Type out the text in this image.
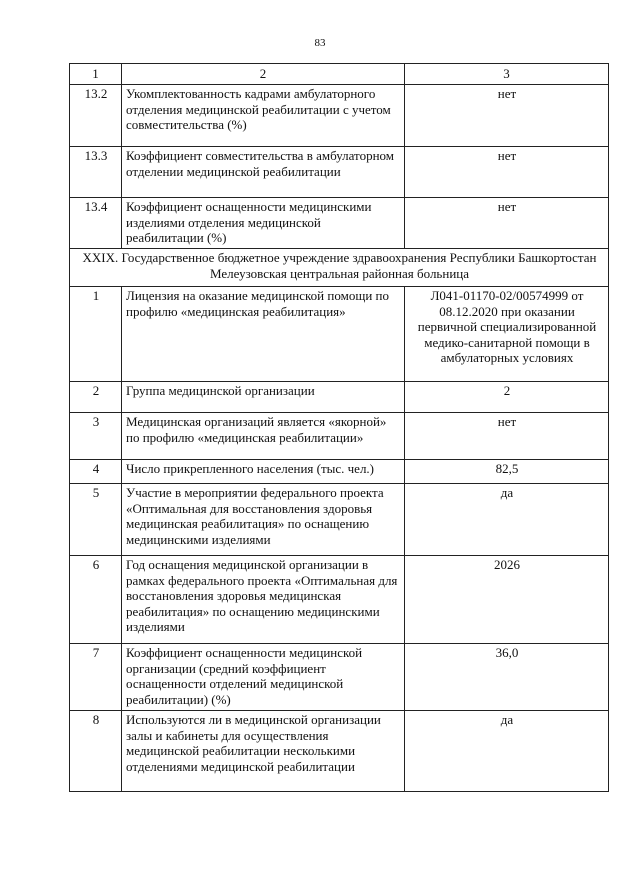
83
1	2	3
13.2	Укомплектованность кадрами амбулаторного отделения медицинской реабилитации с учетом совместительства (%)	нет
13.3	Коэффициент совместительства в амбулаторном отделении медицинской реабилитации	нет
13.4	Коэффициент оснащенности медицинскими изделиями отделения медицинской реабилитации (%)	нет
XXIX. Государственное бюджетное учреждение здравоохранения Республики Башкортостан Мелеузовская центральная районная больница		
1	Лицензия на оказание медицинской помощи по профилю «медицинская реабилитация»	Л041-01170-02/00574999 от 08.12.2020 при оказании первичной специализированной медико-санитарной помощи в амбулаторных условиях
2	Группа медицинской организации	2
3	Медицинская организаций является «якорной» по профилю «медицинская реабилитации»	нет
4	Число прикрепленного населения (тыс. чел.)	82,5
5	Участие в мероприятии федерального проекта «Оптимальная для восстановления здоровья медицинская реабилитация» по оснащению медицинскими изделиями	да
6	Год оснащения медицинской организации в рамках федерального проекта «Оптимальная для восстановления здоровья медицинская реабилитация» по оснащению медицинскими изделиями	2026
7	Коэффициент оснащенности медицинской организации (средний коэффициент оснащенности отделений медицинской реабилитации) (%)	36,0
8	Используются ли в медицинской организации залы и кабинеты для осуществления медицинской реабилитации несколькими отделениями медицинской реабилитации	да
